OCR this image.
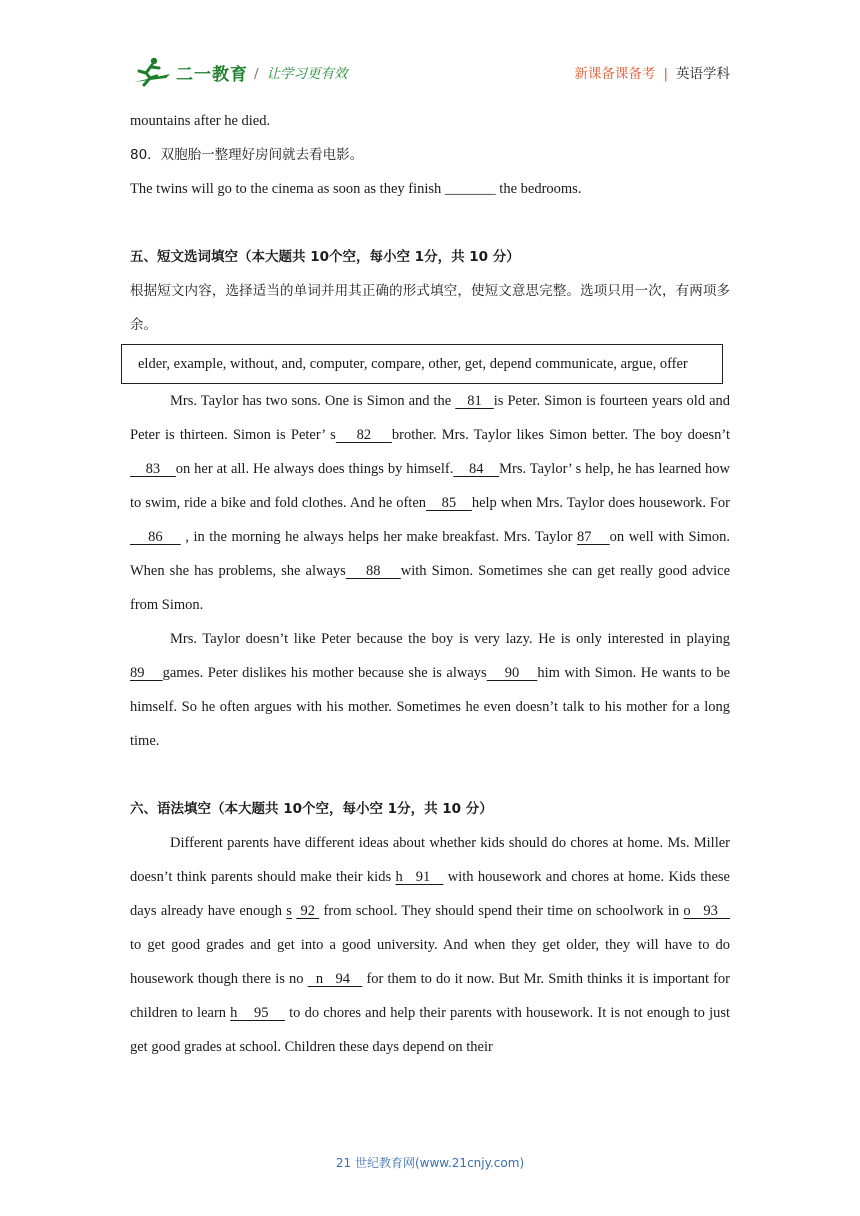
二一教育 / 让学习更有效	新课备课备考 | 英语学科

mountains after he died.

80．双胞胎一整理好房间就去看电影。

The twins will go to the cinema as soon as they finish _______ the bedrooms.

五、短文选词填空（本大题共 10个空，每小空 1分，共 10 分）

根据短文内容，选择适当的单词并用其正确的形式填空，使短文意思完整。选项只用一次，有两项多余。

elder, example, without, and, computer, compare, other, get, depend communicate, argue, offer

Mrs. Taylor has two sons. One is Simon and the    81   is Peter. Simon is fourteen years old and Peter is thirteen. Simon is Peter’ s    82    brother. Mrs. Taylor likes Simon better. The boy doesn’t    83    on her at all. He always does things by himself.    84    Mrs. Taylor’ s help, he has learned how to swim, ride a bike and fold clothes. And he often    85    help when Mrs. Taylor does housework. For    86     , in the morning he always helps her make breakfast. Mrs. Taylor 87    on well with Simon. When she has problems, she always    88    with Simon. Sometimes she can get really good advice from Simon.

Mrs. Taylor doesn’t like Peter because the boy is very lazy. He is only interested in playing 89    games. Peter dislikes his mother because she is always    90    him with Simon. He wants to be himself. So he often argues with his mother. Sometimes he even doesn’t talk to his mother for a long time.

六、语法填空（本大题共 10个空，每小空 1分，共 10 分）

Different parents have different ideas about whether kids should do chores at home. Ms. Miller doesn’t think parents should make their kids h   91    with housework and chores at home. Kids these days already have enough s  92  from school. They should spend their time on schoolwork in o   93    to get good grades and get into a good university. And when they get older, they will have to do housework though there is no   n   94    for them to do it now. But Mr. Smith thinks it is important for children to learn h    95     to do chores and help their parents with housework. It is not enough to just get good grades at school. Children these days depend on their

21 世纪教育网(www.21cnjy.com)
